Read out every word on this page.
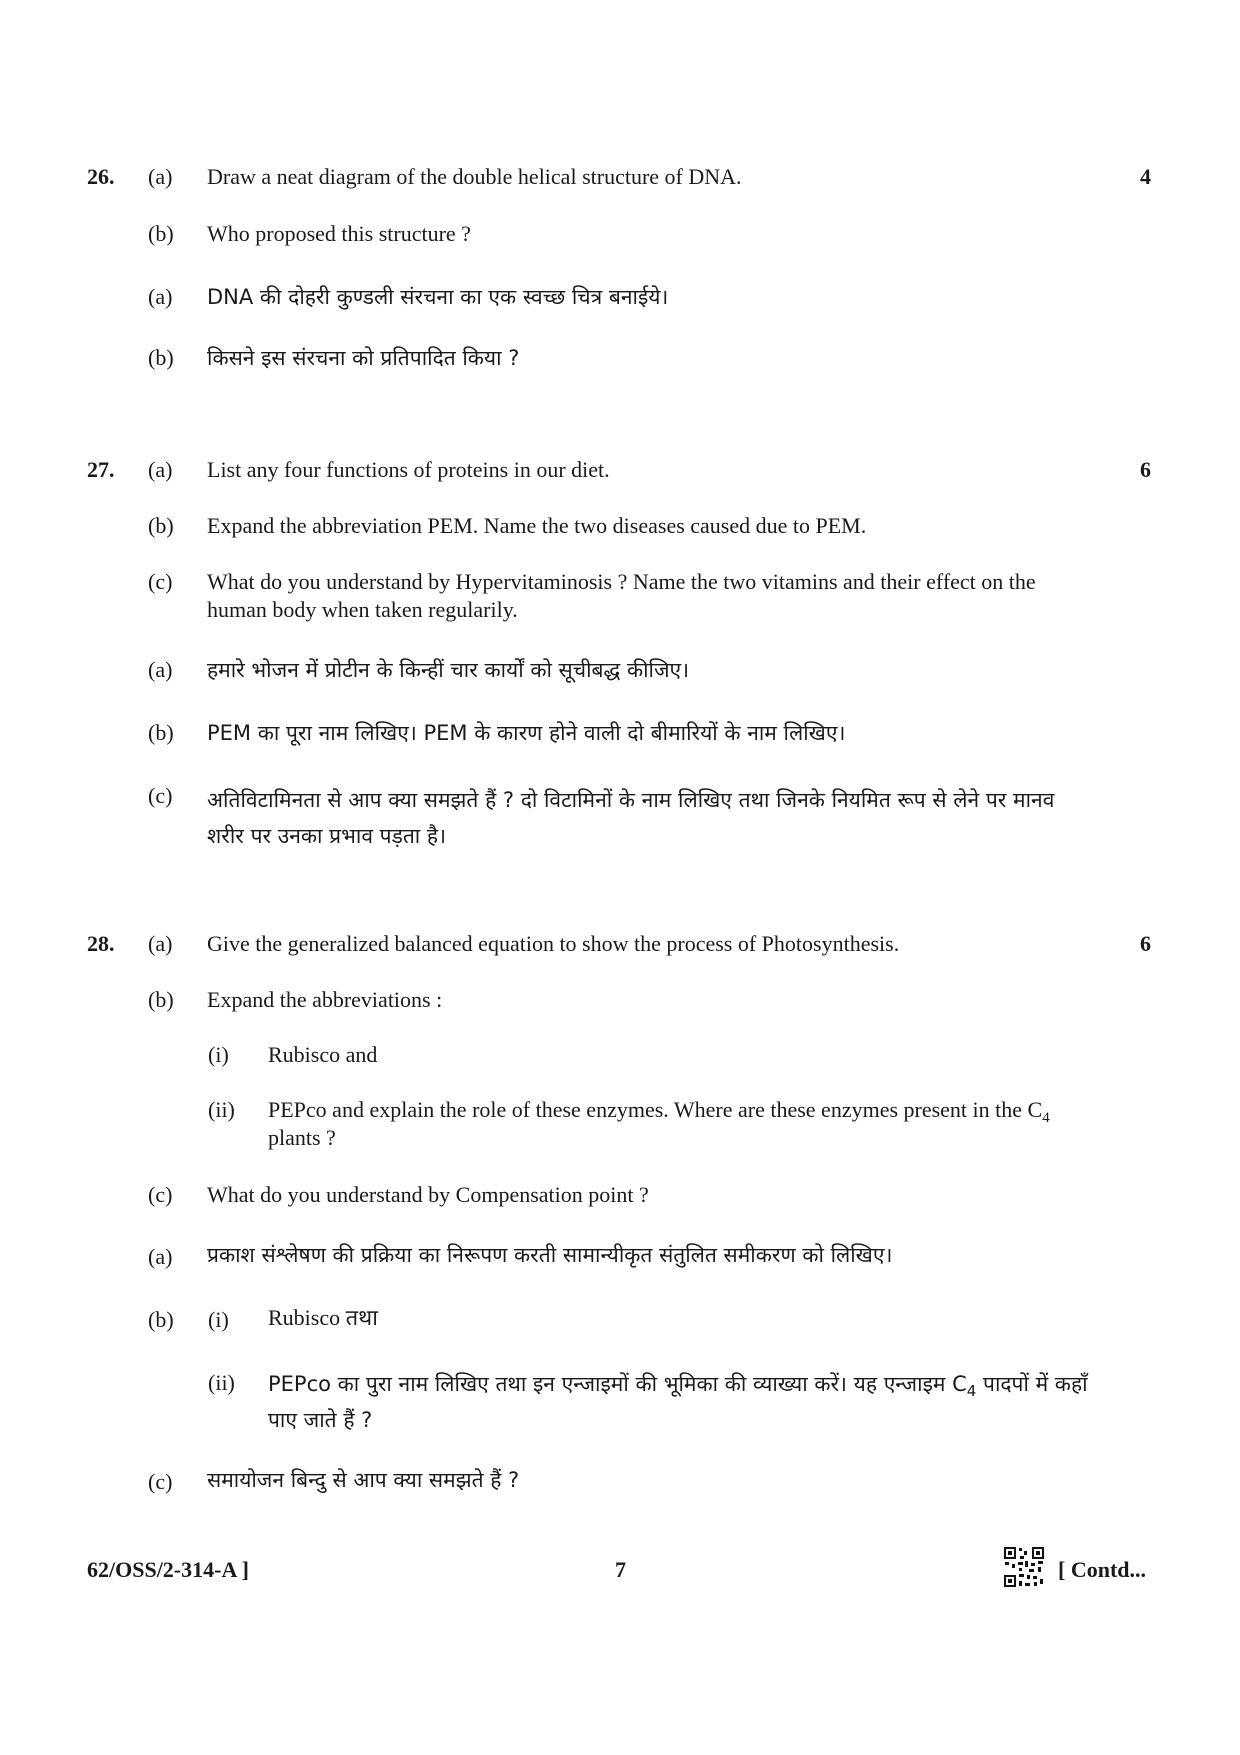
26. (a) Draw a neat diagram of the double helical structure of DNA.	4
(b) Who proposed this structure ?
(a) DNA की दोहरी कुण्डली संरचना का एक स्वच्छ चित्र बनाईये।
(b) किसने इस संरचना को प्रतिपादित किया ?
27. (a) List any four functions of proteins in our diet.	6
(b) Expand the abbreviation PEM. Name the two diseases caused due to PEM.
(c) What do you understand by Hypervitaminosis ? Name the two vitamins and their effect on the human body when taken regularily.
(a) हमारे भोजन में प्रोटीन के किन्हीं चार कार्यों को सूचीबद्ध कीजिए।
(b) PEM का पूरा नाम लिखिए। PEM के कारण होने वाली दो बीमारियों के नाम लिखिए।
(c) अतिविटामिनता से आप क्या समझते हैं ? दो विटामिनों के नाम लिखिए तथा जिनके नियमित रूप से लेने पर मानव शरीर पर उनका प्रभाव पड़ता है।
28. (a) Give the generalized balanced equation to show the process of Photosynthesis.	6
(b) Expand the abbreviations :
(i) Rubisco and
(ii) PEPco and explain the role of these enzymes. Where are these enzymes present in the $C_4$ plants ?
(c) What do you understand by Compensation point ?
(a) प्रकाश संश्लेषण की प्रक्रिया का निरूपण करती सामान्यीकृत संतुलित समीकरण को लिखिए।
(b) (i) Rubisco तथा
(ii) PEPco का पुरा नाम लिखिए तथा इन एन्जाइमों की भूमिका की व्याख्या करें। यह एन्जाइम $C_4$ पादपों में कहाँ पाए जाते हैं ?
(c) समायोजन बिन्दु से आप क्या समझते हैं ?
62/OSS/2-314-A ]	7	[ Contd...
